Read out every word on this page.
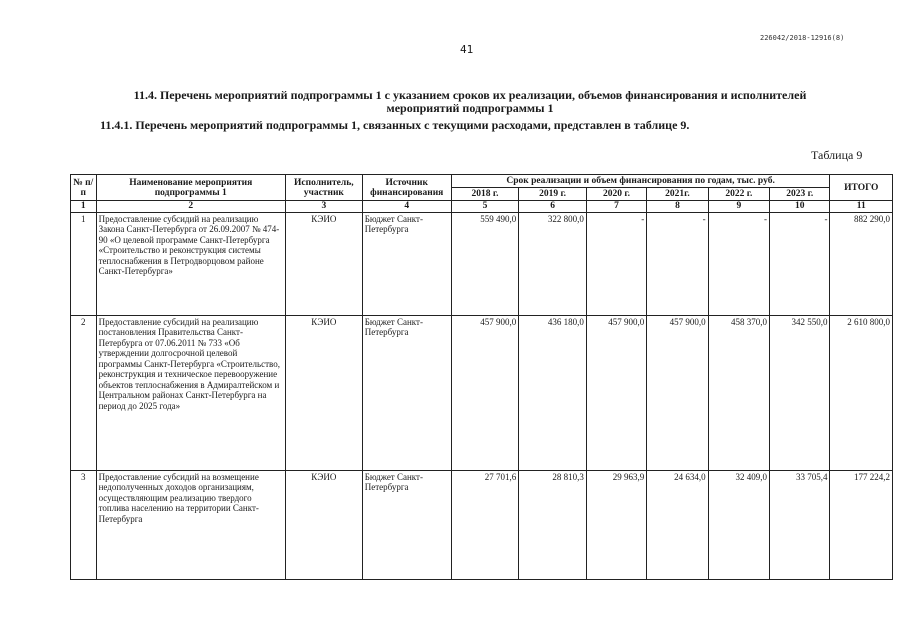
226042/2018-12916(8)
41
11.4. Перечень мероприятий подпрограммы 1 с указанием сроков их реализации, объемов финансирования и исполнителей
мероприятий подпрограммы 1
11.4.1. Перечень мероприятий подпрограммы 1, связанных с текущими расходами, представлен в таблице 9.
Таблица 9
№ п/п	Наименование мероприятия подпрограммы 1	Исполнитель, участник	Источник финансирования	Срок реализации и объем финансирования по годам, тыс. руб.						ИТОГО
				2018 г.	2019 г.	2020 г.	2021г.	2022 г.	2023 г.	
1	2	3	4	5	6	7	8	9	10	11
1	Предоставление субсидий на реализацию Закона Санкт-Петербурга от 26.09.2007 № 474-90 «О целевой программе Санкт-Петербурга «Строительство и реконструкция системы теплоснабжения в Петродворцовом районе Санкт-Петербурга»	КЭИО	Бюджет Санкт-Петербурга	559 490,0	322 800,0	-	-	-	-	882 290,0
2	Предоставление субсидий на реализацию постановления Правительства Санкт-Петербурга от 07.06.2011 № 733 «Об утверждении долгосрочной целевой программы Санкт-Петербурга «Строительство, реконструкция и техническое перевооружение объектов теплоснабжения в Адмиралтейском и Центральном районах Санкт-Петербурга на период до 2025 года»	КЭИО	Бюджет Санкт-Петербурга	457 900,0	436 180,0	457 900,0	457 900,0	458 370,0	342 550,0	2 610 800,0
3	Предоставление субсидий на возмещение недополученных доходов организациям, осуществляющим реализацию твердого топлива населению на территории Санкт-Петербурга	КЭИО	Бюджет Санкт-Петербурга	27 701,6	28 810,3	29 963,9	24 634,0	32 409,0	33 705,4	177 224,2
